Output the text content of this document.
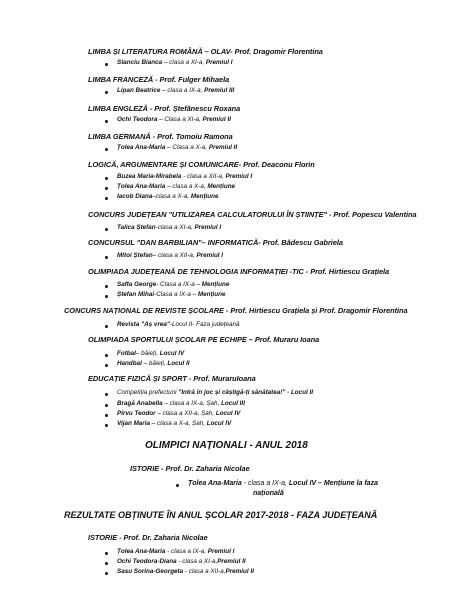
LIMBA ȘI LITERATURA ROMÂNĂ – OLAV- Prof. Dragomir Florentina
Stanciu Bianca – clasa a XI-a, Premiul I
LIMBA FRANCEZĂ - Prof. Fulger Mihaela
Lipan Beatrice – clasa a IX-a, Premiul III
LIMBA ENGLEZĂ - Prof. Ștefănescu Roxana
Ochi Teodora – Clasa a XI-a, Premiul II
LIMBA GERMANĂ - Prof. Tomoiu Ramona
Țolea Ana-Maria – Clasa a X-a, Premiul II
LOGICĂ, ARGUMENTARE ȘI COMUNICARE- Prof. Deaconu Florin
Buzea Maria-Mirabela - clasa a XII-a, Premiul I
Țolea Ana-Maria – clasa a X-a, Mențiune
Iacob Diana–clasa a X-a, Mențiune
CONCURS JUDEȚEAN "UTILIZAREA CALCULATORULUI ÎN ȘTIINȚE" - Prof. Popescu Valentina
Talica Ștefan-clasa a XI-a, Premiul I
CONCURSUL "DAN BARBILIAN"– INFORMATICĂ- Prof. Bădescu Gabriela
Mitoi Ștefan– clasa a XII-a, Premiul I
OLIMPIADA JUDEȚEANĂ DE TEHNOLOGIA INFORMAȚIEI -TIC - Prof. Hirtiescu Grațiela
Safta George- Clasa a IX-a – Mențiune
Ștefan Mihai-Clasa a IX-a – Mențiune
CONCURS NAȚIONAL DE REVISTE ȘCOLARE - Prof. Hirtiescu Grațiela și Prof. Dragomir Florentina
Revista "Aș vrea"-Locul II- Faza județeană
OLIMPIADA SPORTULUI ȘCOLAR PE ECHIPE – Prof. Muraru Ioana
Fotbal– băieți, Locul IV
Handbal – băieți, Locul II
EDUCAȚIE FIZICĂ ȘI SPORT - Prof. MuraruIoana
Competiția prefecturii "Intră în joc și câștigă-ți sănătatea!" - Locul II
Bragă Anabella – clasa a IX-a, Șah, Locul III
Pîrvu Teodor – clasa a XII-a, Șah, Locul IV
Vijan Maria – clasa a X-a, Șah, Locul IV
OLIMPICI NAȚIONALI - ANUL 2018
ISTORIE - Prof. Dr. Zaharia Nicolae
Țolea Ana-Maria - clasa a IX-a, Locul IV – Mențiune la faza
națională
REZULTATE OBȚINUTE ÎN ANUL ȘCOLAR 2017-2018 - FAZA JUDEȚEANĂ
ISTORIE - Prof. Dr. Zaharia Nicolae
Țolea Ana-Maria - clasa a IX-a, Premiul I
Ochi Teodora-Diana - clasa a XI-a,Premiul II
Sasu Sorina-Georgeta - clasa a XII-a,Premiul II
